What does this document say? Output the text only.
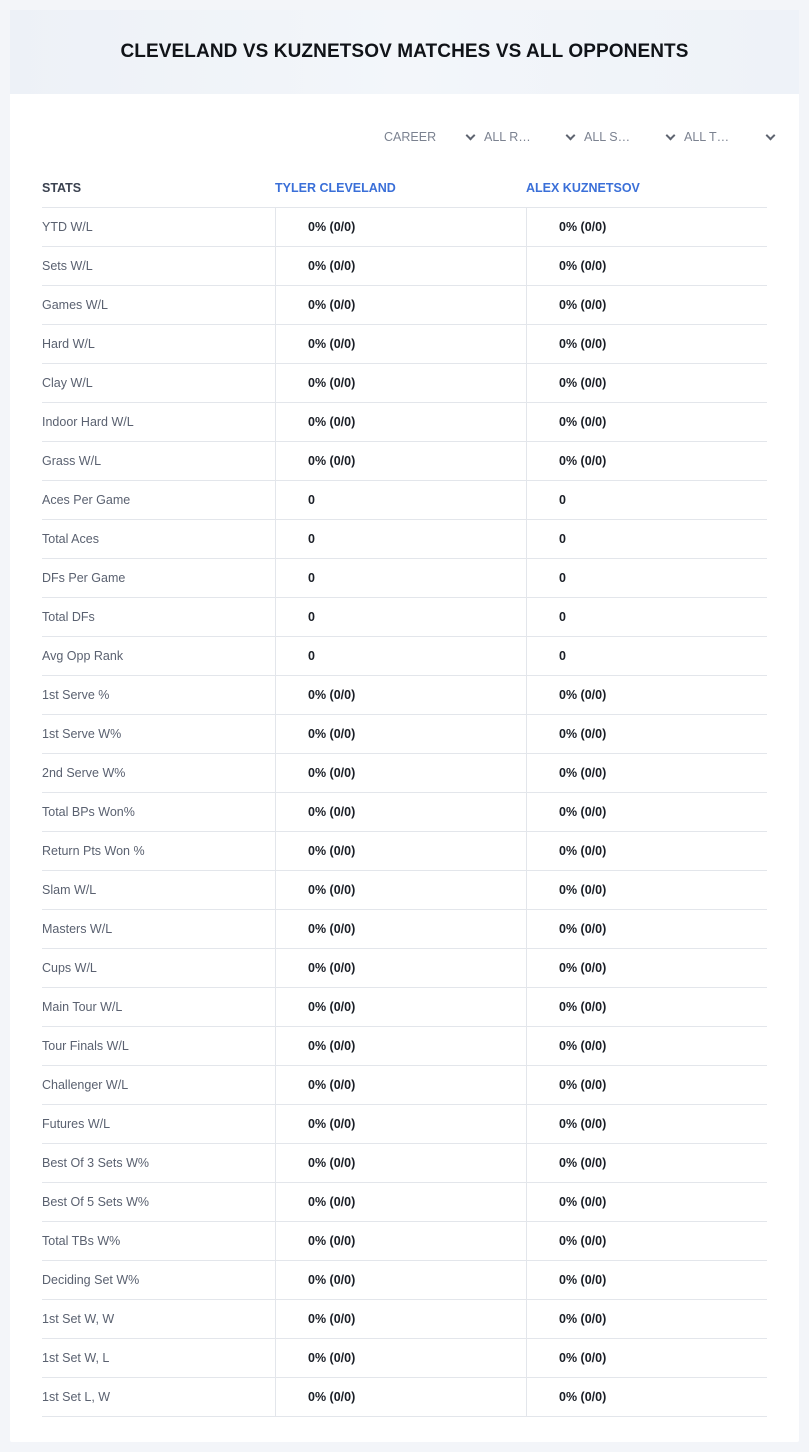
CLEVELAND VS KUZNETSOV MATCHES VS ALL OPPONENTS
CAREER	ALL R…	ALL S…	ALL T…
STATS	TYLER CLEVELAND	ALEX KUZNETSOV
YTD W/L	0% (0/0)	0% (0/0)
Sets W/L	0% (0/0)	0% (0/0)
Games W/L	0% (0/0)	0% (0/0)
Hard W/L	0% (0/0)	0% (0/0)
Clay W/L	0% (0/0)	0% (0/0)
Indoor Hard W/L	0% (0/0)	0% (0/0)
Grass W/L	0% (0/0)	0% (0/0)
Aces Per Game	0	0
Total Aces	0	0
DFs Per Game	0	0
Total DFs	0	0
Avg Opp Rank	0	0
1st Serve %	0% (0/0)	0% (0/0)
1st Serve W%	0% (0/0)	0% (0/0)
2nd Serve W%	0% (0/0)	0% (0/0)
Total BPs Won%	0% (0/0)	0% (0/0)
Return Pts Won %	0% (0/0)	0% (0/0)
Slam W/L	0% (0/0)	0% (0/0)
Masters W/L	0% (0/0)	0% (0/0)
Cups W/L	0% (0/0)	0% (0/0)
Main Tour W/L	0% (0/0)	0% (0/0)
Tour Finals W/L	0% (0/0)	0% (0/0)
Challenger W/L	0% (0/0)	0% (0/0)
Futures W/L	0% (0/0)	0% (0/0)
Best Of 3 Sets W%	0% (0/0)	0% (0/0)
Best Of 5 Sets W%	0% (0/0)	0% (0/0)
Total TBs W%	0% (0/0)	0% (0/0)
Deciding Set W%	0% (0/0)	0% (0/0)
1st Set W, W	0% (0/0)	0% (0/0)
1st Set W, L	0% (0/0)	0% (0/0)
1st Set L, W	0% (0/0)	0% (0/0)
